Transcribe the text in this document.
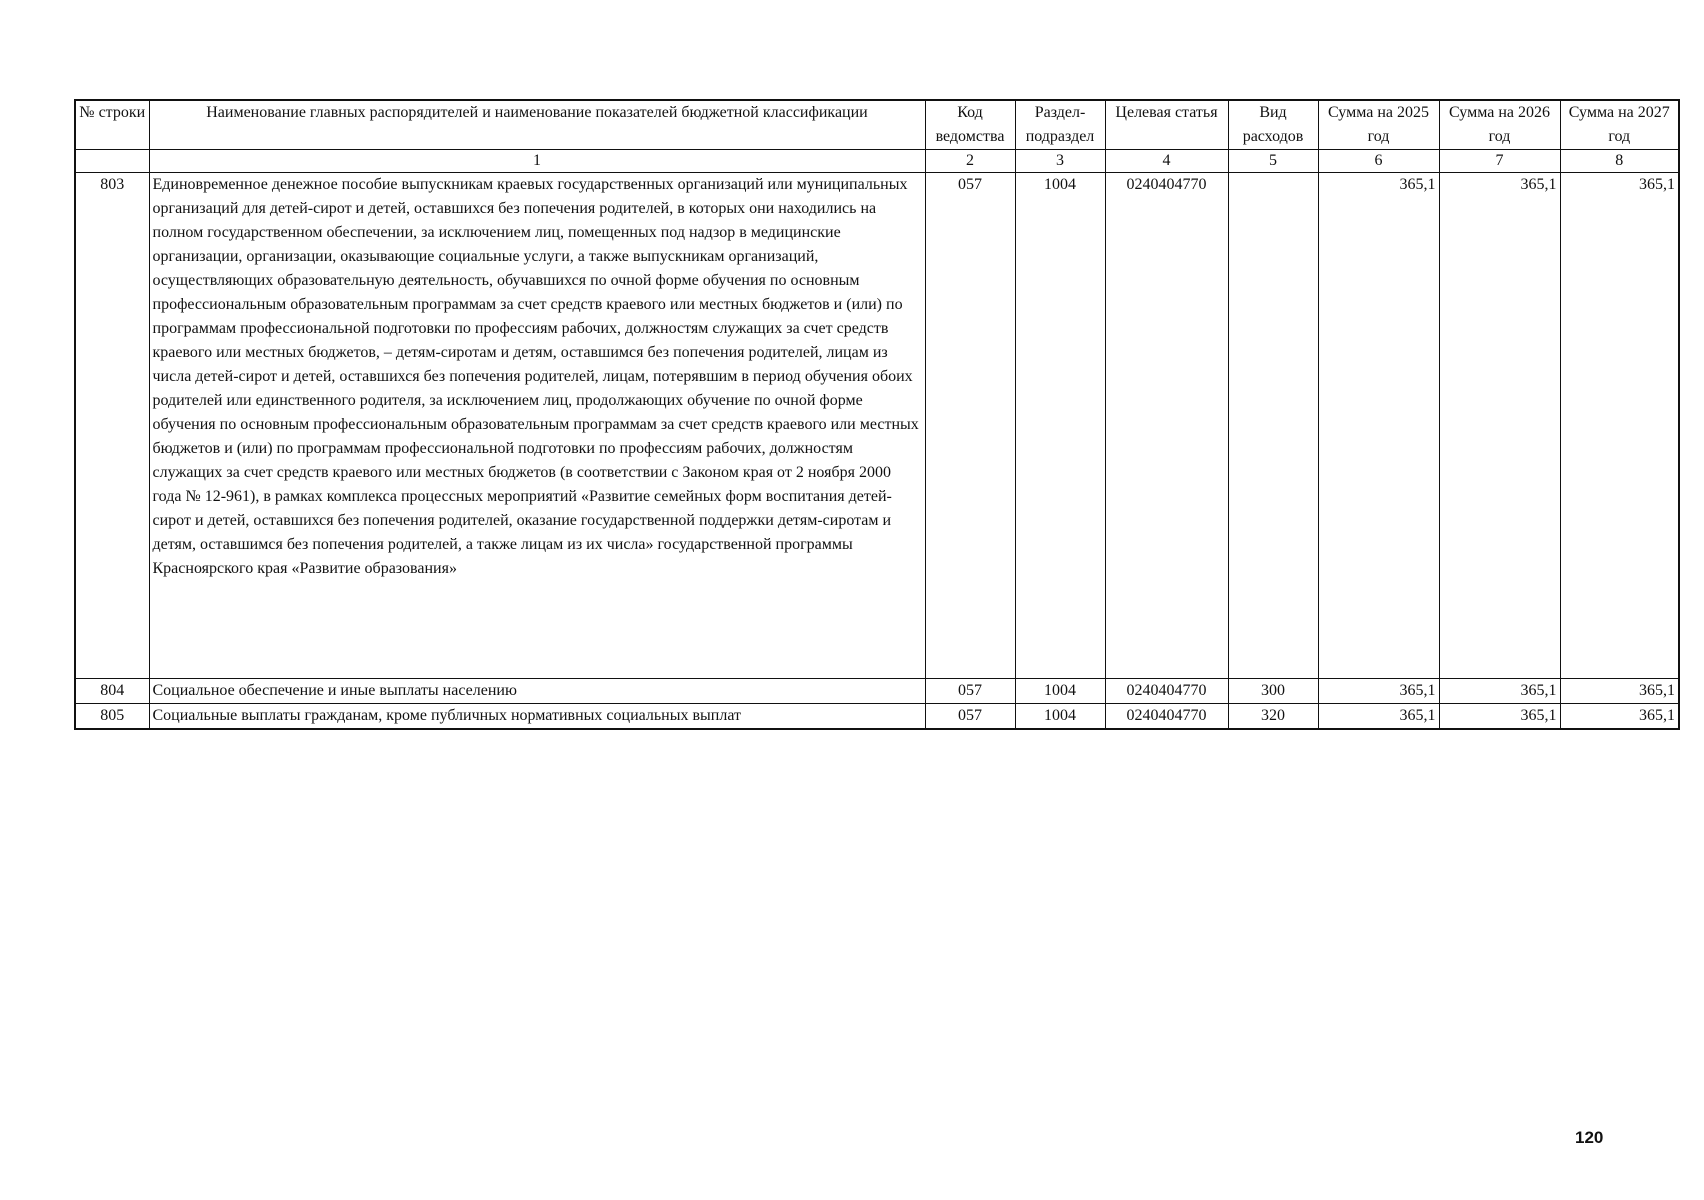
№ строки	Наименование главных распорядителей и наименование показателей бюджетной классификации	Код ведомства	Раздел-подраздел	Целевая статья	Вид расходов	Сумма на 2025 год	Сумма на 2026 год	Сумма на 2027 год
	1	2	3	4	5	6	7	8
803	Единовременное денежное пособие выпускникам краевых государственных организаций или муниципальных организаций для детей-сирот и детей, оставшихся без попечения родителей, в которых они находились на полном государственном обеспечении, за исключением лиц, помещенных под надзор в медицинские организации, организации, оказывающие социальные услуги, а также выпускникам организаций, осуществляющих образовательную деятельность, обучавшихся по очной форме обучения по основным профессиональным образовательным программам за счет средств краевого или местных бюджетов и (или) по программам профессиональной подготовки по профессиям рабочих, должностям служащих за счет средств краевого или местных бюджетов, – детям-сиротам и детям, оставшимся без попечения родителей, лицам из числа детей-сирот и детей, оставшихся без попечения родителей, лицам, потерявшим в период обучения обоих родителей или единственного родителя, за исключением лиц, продолжающих обучение по очной форме обучения по основным профессиональным образовательным программам за счет средств краевого или местных бюджетов и (или) по программам профессиональной подготовки по профессиям рабочих, должностям служащих за счет средств краевого или местных бюджетов (в соответствии с Законом края от 2 ноября 2000 года № 12-961), в рамках комплекса процессных мероприятий «Развитие семейных форм воспитания детей-сирот и детей, оставшихся без попечения родителей, оказание государственной поддержки детям-сиротам и детям, оставшимся без попечения родителей, а также лицам из их числа» государственной программы Красноярского края «Развитие образования»	057	1004	0240404770		365,1	365,1	365,1
804	Социальное обеспечение и иные выплаты населению	057	1004	0240404770	300	365,1	365,1	365,1
805	Социальные выплаты гражданам, кроме публичных нормативных социальных выплат	057	1004	0240404770	320	365,1	365,1	365,1
120
